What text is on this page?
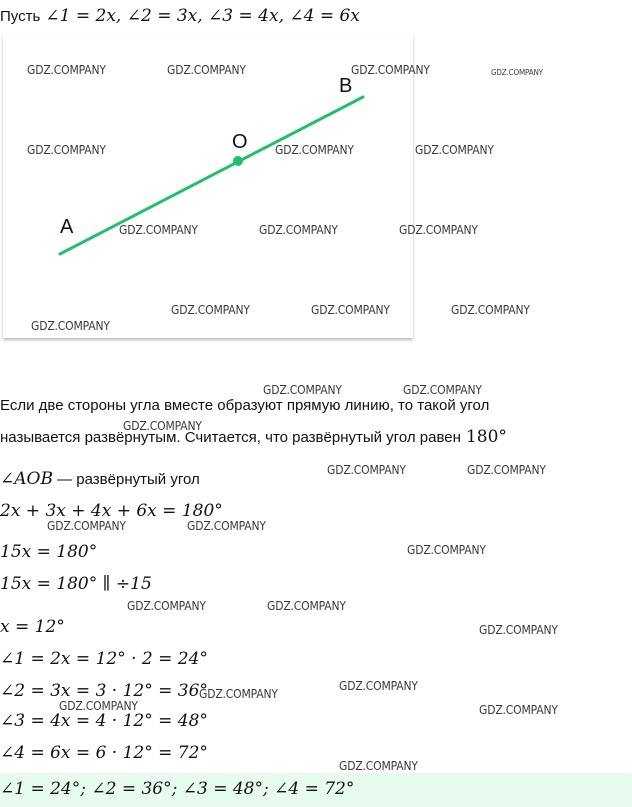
Пусть ∠1 = 2x, ∠2 = 3x, ∠3 = 4x, ∠4 = 6x
A
O
B
Если две стороны угла вместе образуют прямую линию, то такой угол
называется развёрнутым. Считается, что развёрнутый угол равен 180°
∠AOB — развёрнутый угол
2x + 3x + 4x + 6x = 180°
15x = 180°
15x = 180° ∥ ÷15
x = 12°
∠1 = 2x = 12° · 2 = 24°
∠2 = 3x = 3 · 12° = 36°
∠3 = 4x = 4 · 12° = 48°
∠4 = 6x = 6 · 12° = 72°
∠1 = 24°; ∠2 = 36°; ∠3 = 48°; ∠4 = 72°
GDZ.COMPANY	GDZ.COMPANY	GDZ.COMPANY	GDZ.COMPANY
GDZ.COMPANY	GDZ.COMPANY	GDZ.COMPANY
GDZ.COMPANY	GDZ.COMPANY	GDZ.COMPANY
GDZ.COMPANY	GDZ.COMPANY	GDZ.COMPANY
GDZ.COMPANY
GDZ.COMPANY	GDZ.COMPANY
GDZ.COMPANY
GDZ.COMPANY	GDZ.COMPANY
GDZ.COMPANY	GDZ.COMPANY
GDZ.COMPANY
GDZ.COMPANY	GDZ.COMPANY
GDZ.COMPANY
GDZ.COMPANY
GDZ.COMPANY
GDZ.COMPANY	GDZ.COMPANY
GDZ.COMPANY
